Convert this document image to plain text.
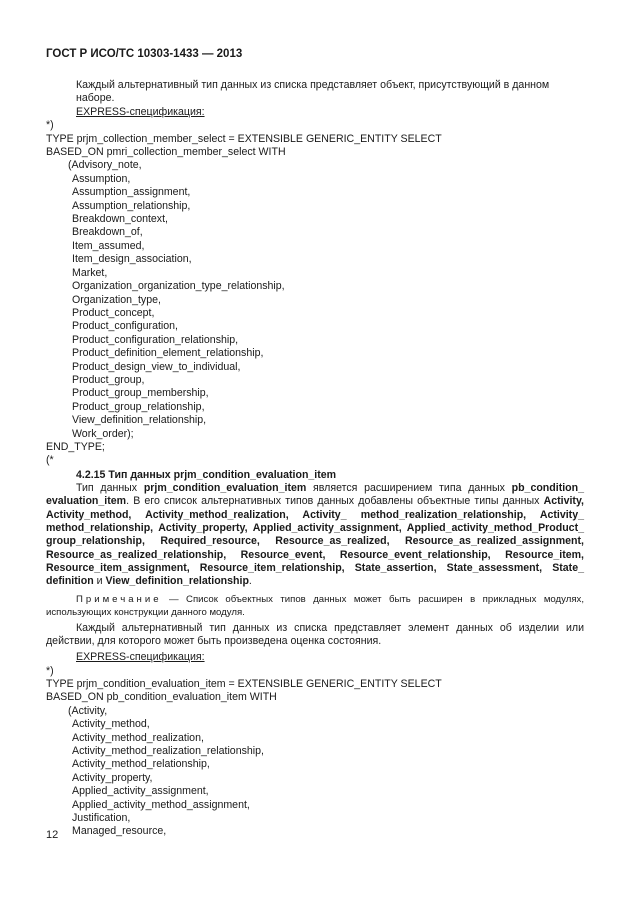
ГОСТ Р ИСО/ТС 10303-1433 — 2013
Каждый альтернативный тип данных из списка представляет объект, присутствующий в данном наборе.
EXPRESS-спецификация:
*)
TYPE prjm_collection_member_select = EXTENSIBLE GENERIC_ENTITY SELECT
BASED_ON pmri_collection_member_select WITH
(Advisory_note,
Assumption,
Assumption_assignment,
Assumption_relationship,
Breakdown_context,
Breakdown_of,
Item_assumed,
Item_design_association,
Market,
Organization_organization_type_relationship,
Organization_type,
Product_concept,
Product_configuration,
Product_configuration_relationship,
Product_definition_element_relationship,
Product_design_view_to_individual,
Product_group,
Product_group_membership,
Product_group_relationship,
View_definition_relationship,
Work_order);
END_TYPE;
(*
4.2.15 Тип данных prjm_condition_evaluation_item
Тип данных prjm_condition_evaluation_item является расширением типа данных pb_condition_ evaluation_item. В его список альтернативных типов данных добавлены объектные типы данных Activity, Activity_method, Activity_method_realization, Activity_ method_realization_relationship, Activity_ method_relationship, Activity_property, Applied_activity_assignment, Applied_activity_method_Product_ group_relationship, Required_resource, Resource_as_realized, Resource_as_realized_assignment, Resource_as_realized_relationship, Resource_event, Resource_event_relationship, Resource_item, Resource_item_assignment, Resource_item_relationship, State_assertion, State_assessment, State_ definition и View_definition_relationship.
Примечание — Список объектных типов данных может быть расширен в прикладных модулях, использующих конструкции данного модуля.
Каждый альтернативный тип данных из списка представляет элемент данных об изделии или действии, для которого может быть произведена оценка состояния.
EXPRESS-спецификация:
*)
TYPE prjm_condition_evaluation_item = EXTENSIBLE GENERIC_ENTITY SELECT
BASED_ON pb_condition_evaluation_item WITH
(Activity,
Activity_method,
Activity_method_realization,
Activity_method_realization_relationship,
Activity_method_relationship,
Activity_property,
Applied_activity_assignment,
Applied_activity_method_assignment,
Justification,
Managed_resource,
12
